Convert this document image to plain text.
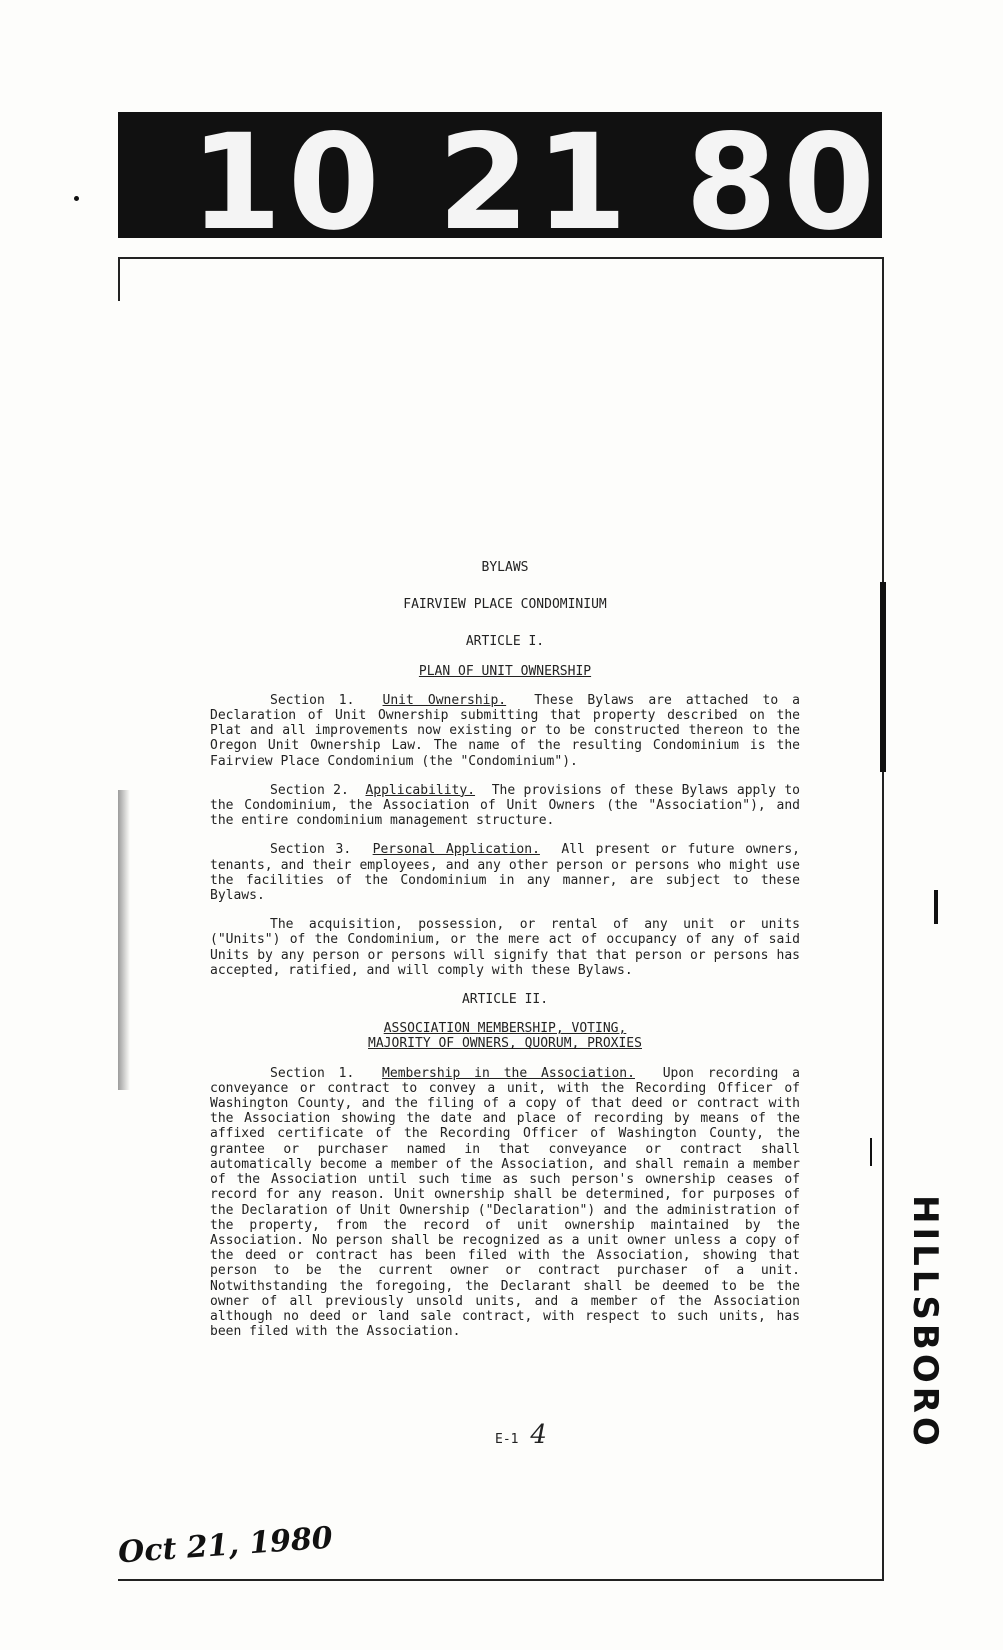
10 21 80
BYLAWS
FAIRVIEW PLACE CONDOMINIUM
ARTICLE I.
PLAN OF UNIT OWNERSHIP

Section 1. Unit Ownership. These Bylaws are attached to a Declaration of Unit Ownership submitting that property described on the Plat and all improvements now existing or to be constructed thereon to the Oregon Unit Ownership Law. The name of the resulting Condominium is the Fairview Place Condominium (the "Condominium").

Section 2. Applicability. The provisions of these Bylaws apply to the Condominium, the Association of Unit Owners (the "Association"), and the entire condominium management structure.

Section 3. Personal Application. All present or future owners, tenants, and their employees, and any other person or persons who might use the facilities of the Condominium in any manner, are subject to these Bylaws.

The acquisition, possession, or rental of any unit or units ("Units") of the Condominium, or the mere act of occupancy of any of said Units by any person or persons will signify that that person or persons has accepted, ratified, and will comply with these Bylaws.

ARTICLE II.
ASSOCIATION MEMBERSHIP, VOTING,
MAJORITY OF OWNERS, QUORUM, PROXIES

Section 1. Membership in the Association. Upon recording a conveyance or contract to convey a unit, with the Recording Officer of Washington County, and the filing of a copy of that deed or contract with the Association showing the date and place of recording by means of the affixed certificate of the Recording Officer of Washington County, the grantee or purchaser named in that conveyance or contract shall automatically become a member of the Association, and shall remain a member of the Association until such time as such person's ownership ceases of record for any reason. Unit ownership shall be determined, for purposes of the Declaration of Unit Ownership ("Declaration") and the administration of the property, from the record of unit ownership maintained by the Association. No person shall be recognized as a unit owner unless a copy of the deed or contract has been filed with the Association, showing that person to be the current owner or contract purchaser of a unit. Notwithstanding the foregoing, the Declarant shall be deemed to be the owner of all previously unsold units, and a member of the Association although no deed or land sale contract, with respect to such units, has been filed with the Association.

E-1 4
Oct 21, 1980
HILLSBORO
